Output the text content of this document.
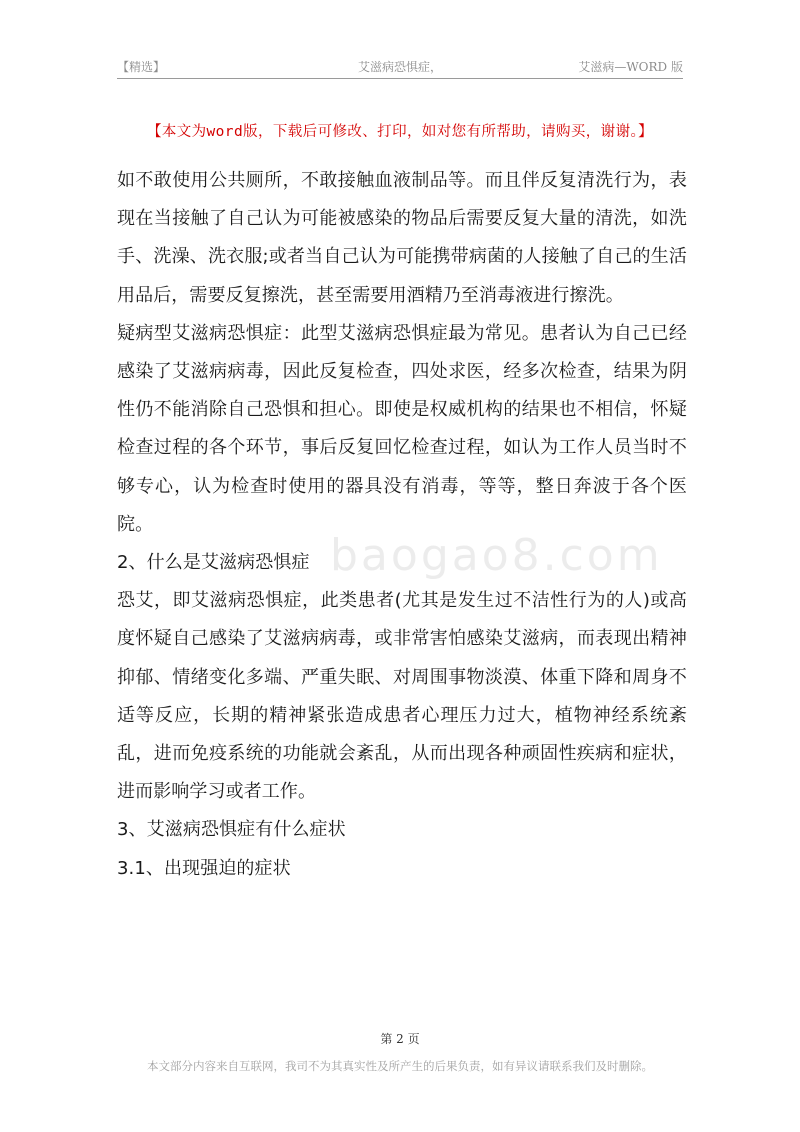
【精选】	艾滋病恐惧症，	艾滋病—WORD 版
【本文为word版，下载后可修改、打印，如对您有所帮助，请购买，谢谢。】
baogao8.com

如不敢使用公共厕所，不敢接触血液制品等。而且伴反复清洗行为，表现在当接触了自己认为可能被感染的物品后需要反复大量的清洗，如洗手、洗澡、洗衣服;或者当自己认为可能携带病菌的人接触了自己的生活用品后，需要反复擦洗，甚至需要用酒精乃至消毒液进行擦洗。

疑病型艾滋病恐惧症：此型艾滋病恐惧症最为常见。患者认为自己已经感染了艾滋病病毒，因此反复检查，四处求医，经多次检查，结果为阴性仍不能消除自己恐惧和担心。即使是权威机构的结果也不相信，怀疑检查过程的各个环节，事后反复回忆检查过程，如认为工作人员当时不够专心，认为检查时使用的器具没有消毒，等等，整日奔波于各个医院。

2、什么是艾滋病恐惧症

恐艾，即艾滋病恐惧症，此类患者(尤其是发生过不洁性行为的人)或高度怀疑自己感染了艾滋病病毒，或非常害怕感染艾滋病，而表现出精神抑郁、情绪变化多端、严重失眠、对周围事物淡漠、体重下降和周身不适等反应，长期的精神紧张造成患者心理压力过大，植物神经系统紊乱，进而免疫系统的功能就会紊乱，从而出现各种顽固性疾病和症状，进而影响学习或者工作。

3、艾滋病恐惧症有什么症状

3.1、出现强迫的症状

第 2 页
本文部分内容来自互联网，我司不为其真实性及所产生的后果负责，如有异议请联系我们及时删除。
